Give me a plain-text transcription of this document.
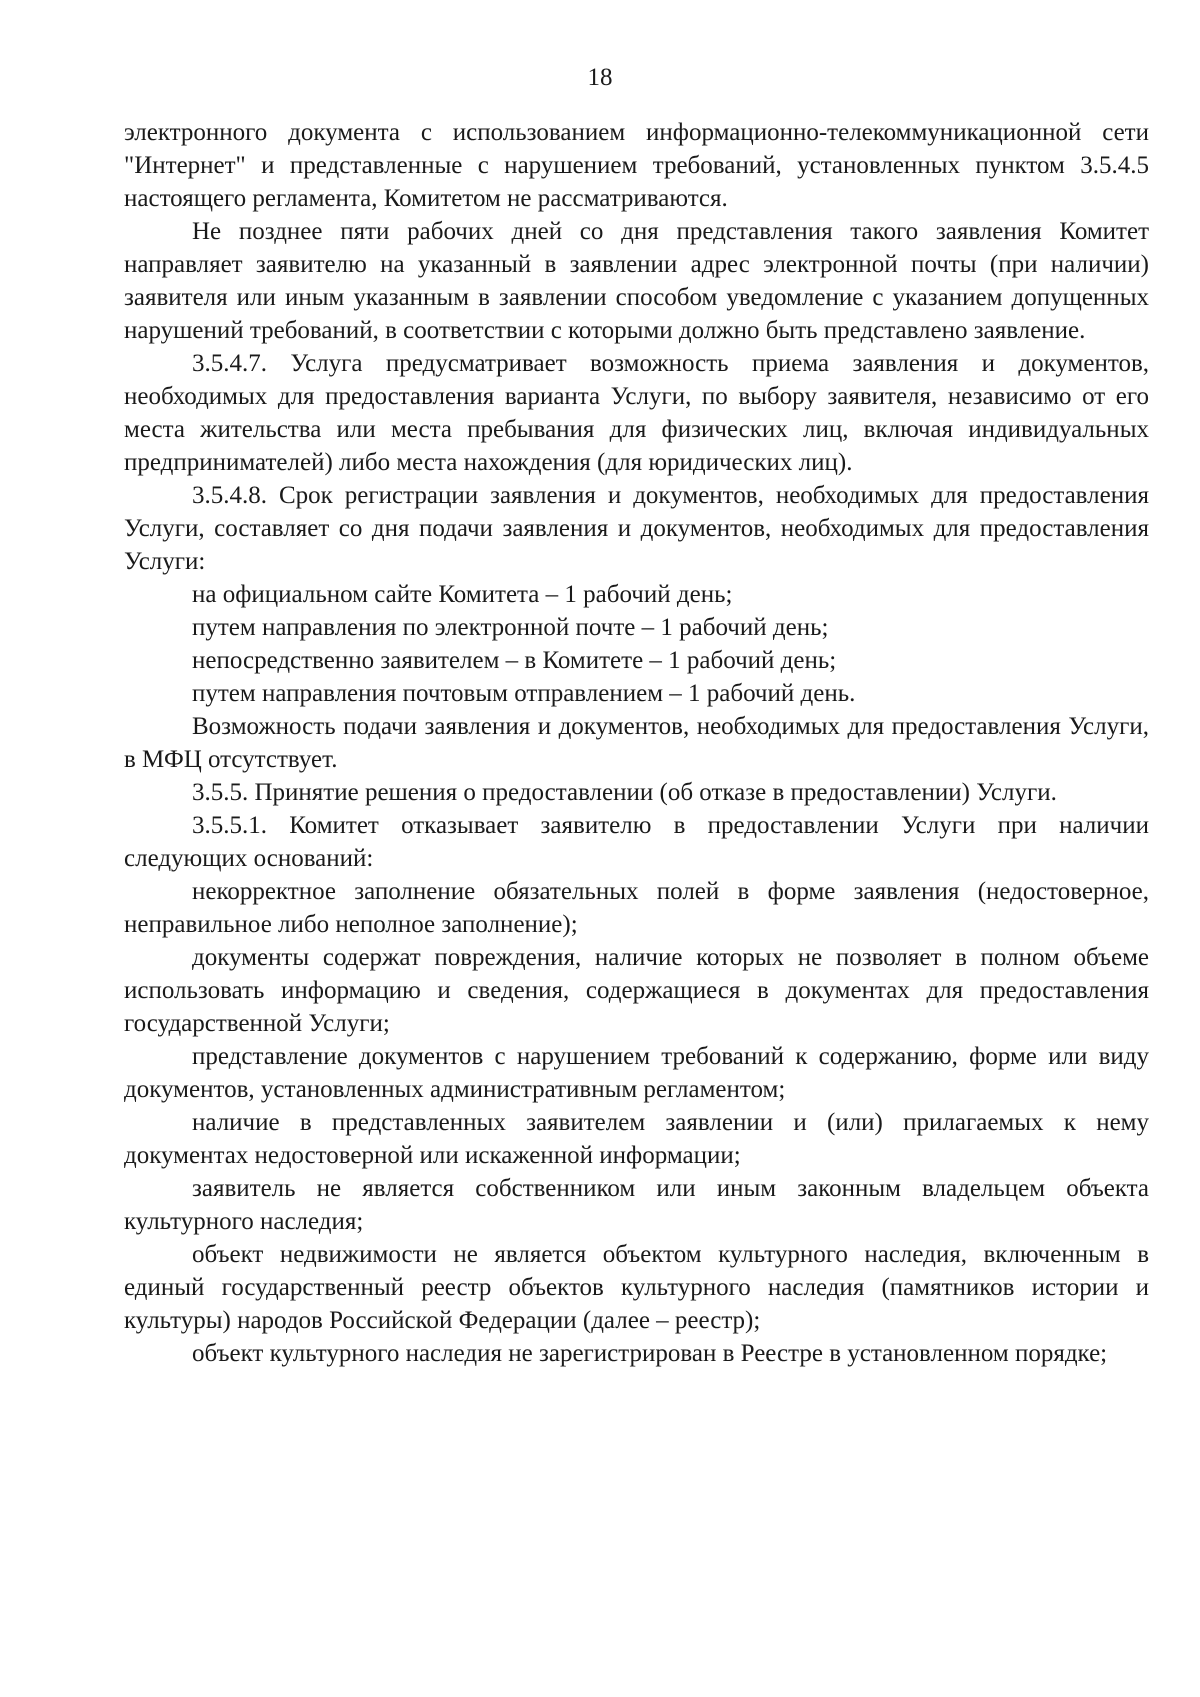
18

электронного документа с использованием информационно-телекоммуникационной сети "Интернет" и представленные с нарушением требований, установленных пунктом 3.5.4.5 настоящего регламента, Комитетом не рассматриваются.

Не позднее пяти рабочих дней со дня представления такого заявления Комитет направляет заявителю на указанный в заявлении адрес электронной почты (при наличии) заявителя или иным указанным в заявлении способом уведомление с указанием допущенных нарушений требований, в соответствии с которыми должно быть представлено заявление.

3.5.4.7. Услуга предусматривает возможность приема заявления и документов, необходимых для предоставления варианта Услуги, по выбору заявителя, независимо от его места жительства или места пребывания для физических лиц, включая индивидуальных предпринимателей) либо места нахождения (для юридических лиц).

3.5.4.8. Срок регистрации заявления и документов, необходимых для предоставления Услуги, составляет со дня подачи заявления и документов, необходимых для предоставления Услуги:

на официальном сайте Комитета – 1 рабочий день;

путем направления по электронной почте – 1 рабочий день;

непосредственно заявителем – в Комитете – 1 рабочий день;

путем направления почтовым отправлением – 1 рабочий день.

Возможность подачи заявления и документов, необходимых для предоставления Услуги, в МФЦ отсутствует.

3.5.5. Принятие решения о предоставлении (об отказе в предоставлении) Услуги.

3.5.5.1. Комитет отказывает заявителю в предоставлении Услуги при наличии следующих оснований:

некорректное заполнение обязательных полей в форме заявления (недостоверное, неправильное либо неполное заполнение);

документы содержат повреждения, наличие которых не позволяет в полном объеме использовать информацию и сведения, содержащиеся в документах для предоставления государственной Услуги;

представление документов с нарушением требований к содержанию, форме или виду документов, установленных административным регламентом;

наличие в представленных заявителем заявлении и (или) прилагаемых к нему документах недостоверной или искаженной информации;

заявитель не является собственником или иным законным владельцем объекта культурного наследия;

объект недвижимости не является объектом культурного наследия, включенным в единый государственный реестр объектов культурного наследия (памятников истории и культуры) народов Российской Федерации (далее – реестр);

объект культурного наследия не зарегистрирован в Реестре в установленном порядке;
